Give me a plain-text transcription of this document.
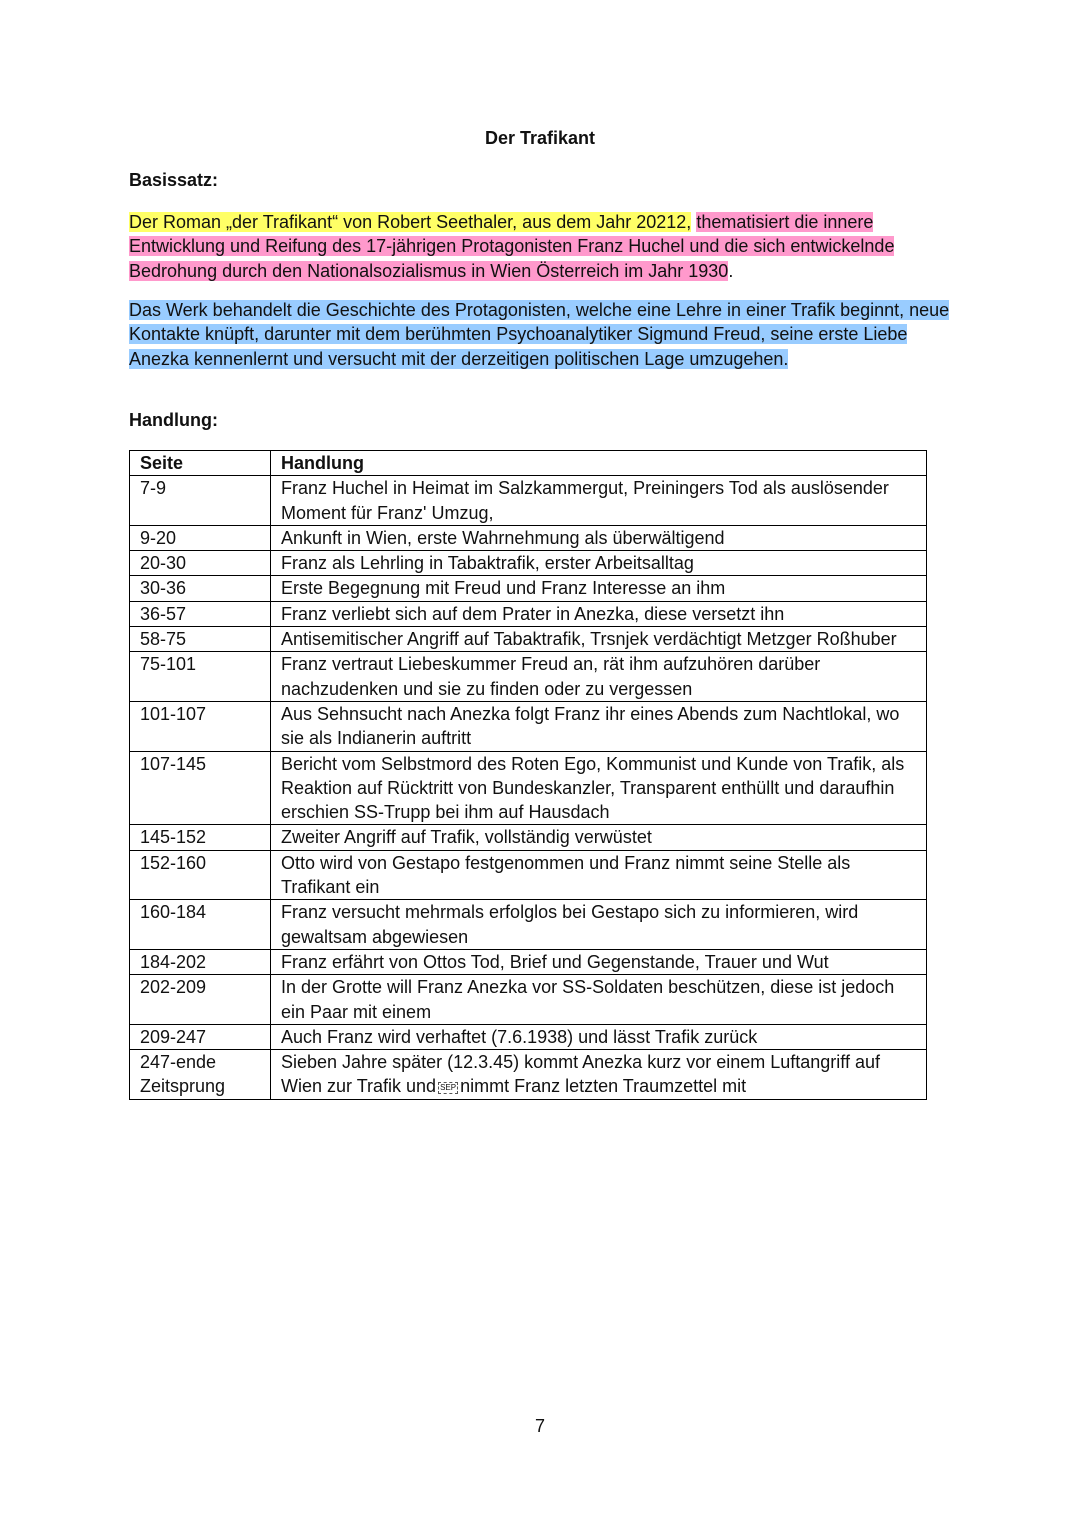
Der Trafikant
Basissatz:
Der Roman „der Trafikant“ von Robert Seethaler, aus dem Jahr 20212, thematisiert die innere Entwicklung und Reifung des 17-jährigen Protagonisten Franz Huchel und die sich entwickelnde Bedrohung durch den Nationalsozialismus in Wien Österreich im Jahr 1930.
Das Werk behandelt die Geschichte des Protagonisten, welche eine Lehre in einer Trafik beginnt, neue Kontakte knüpft, darunter mit dem berühmten Psychoanalytiker Sigmund Freud, seine erste Liebe Anezka kennenlernt und versucht mit der derzeitigen politischen Lage umzugehen.
Handlung:
Seite	Handlung
7-9	Franz Huchel in Heimat im Salzkammergut, Preiningers Tod als auslösender Moment für Franz' Umzug,
9-20	Ankunft in Wien, erste Wahrnehmung als überwältigend
20-30	Franz als Lehrling in Tabaktrafik, erster Arbeitsalltag
30-36	Erste Begegnung mit Freud und Franz Interesse an ihm
36-57	Franz verliebt sich auf dem Prater in Anezka, diese versetzt ihn
58-75	Antisemitischer Angriff auf Tabaktrafik, Trsnjek verdächtigt Metzger Roßhuber
75-101	Franz vertraut Liebeskummer Freud an, rät ihm aufzuhören darüber nachzudenken und sie zu finden oder zu vergessen
101-107	Aus Sehnsucht nach Anezka folgt Franz ihr eines Abends zum Nachtlokal, wo sie als Indianerin auftritt
107-145	Bericht vom Selbstmord des Roten Ego, Kommunist und Kunde von Trafik, als Reaktion auf Rücktritt von Bundeskanzler, Transparent enthüllt und daraufhin erschien SS-Trupp bei ihm auf Hausdach
145-152	Zweiter Angriff auf Trafik, vollständig verwüstet
152-160	Otto wird von Gestapo festgenommen und Franz nimmt seine Stelle als Trafikant ein
160-184	Franz versucht mehrmals erfolglos bei Gestapo sich zu informieren, wird gewaltsam abgewiesen
184-202	Franz erfährt von Ottos Tod, Brief und Gegenstande, Trauer und Wut
202-209	In der Grotte will Franz Anezka vor SS-Soldaten beschützen, diese ist jedoch ein Paar mit einem
209-247	Auch Franz wird verhaftet (7.6.1938) und lässt Trafik zurück
247-ende
Zeitsprung	Sieben Jahre später (12.3.45) kommt Anezka kurz vor einem Luftangriff auf Wien zur Trafik und SEP nimmt Franz letzten Traumzettel mit
7
